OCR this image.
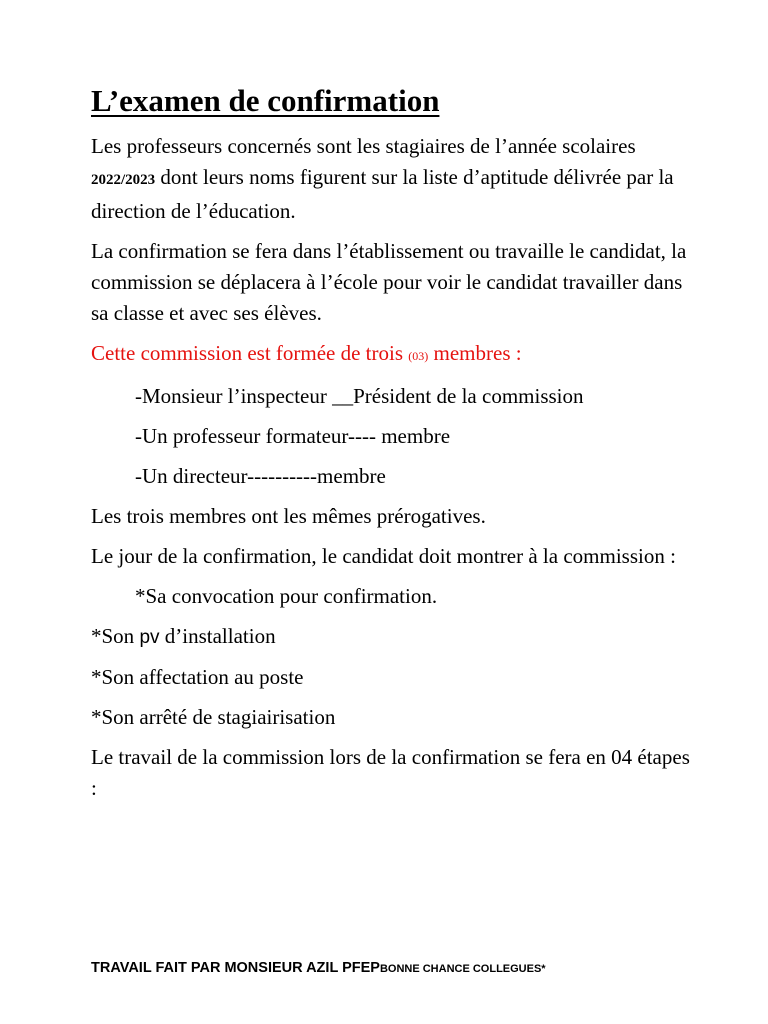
L’examen de confirmation

Les professeurs concernés sont les stagiaires de l’année scolaires 2022/2023 dont leurs noms figurent sur la liste d’aptitude délivrée par la direction de l’éducation.

La confirmation se fera dans l’établissement ou travaille le candidat, la commission se déplacera à l’école pour voir le candidat travailler dans sa classe et avec ses élèves.

Cette commission est formée de trois (03) membres :

-Monsieur l’inspecteur __Président de la commission

-Un professeur formateur---- membre

-Un directeur----------membre

Les trois membres ont les mêmes prérogatives.

Le jour de la confirmation, le candidat doit montrer à la commission :

*Sa convocation pour confirmation.

*Son pv d’installation

*Son affectation au poste

*Son arrêté de stagiairisation

Le travail de la commission lors de la confirmation se fera en 04 étapes :

TRAVAIL FAIT PAR MONSIEUR AZIL PFEPBONNE CHANCE COLLEGUES*
